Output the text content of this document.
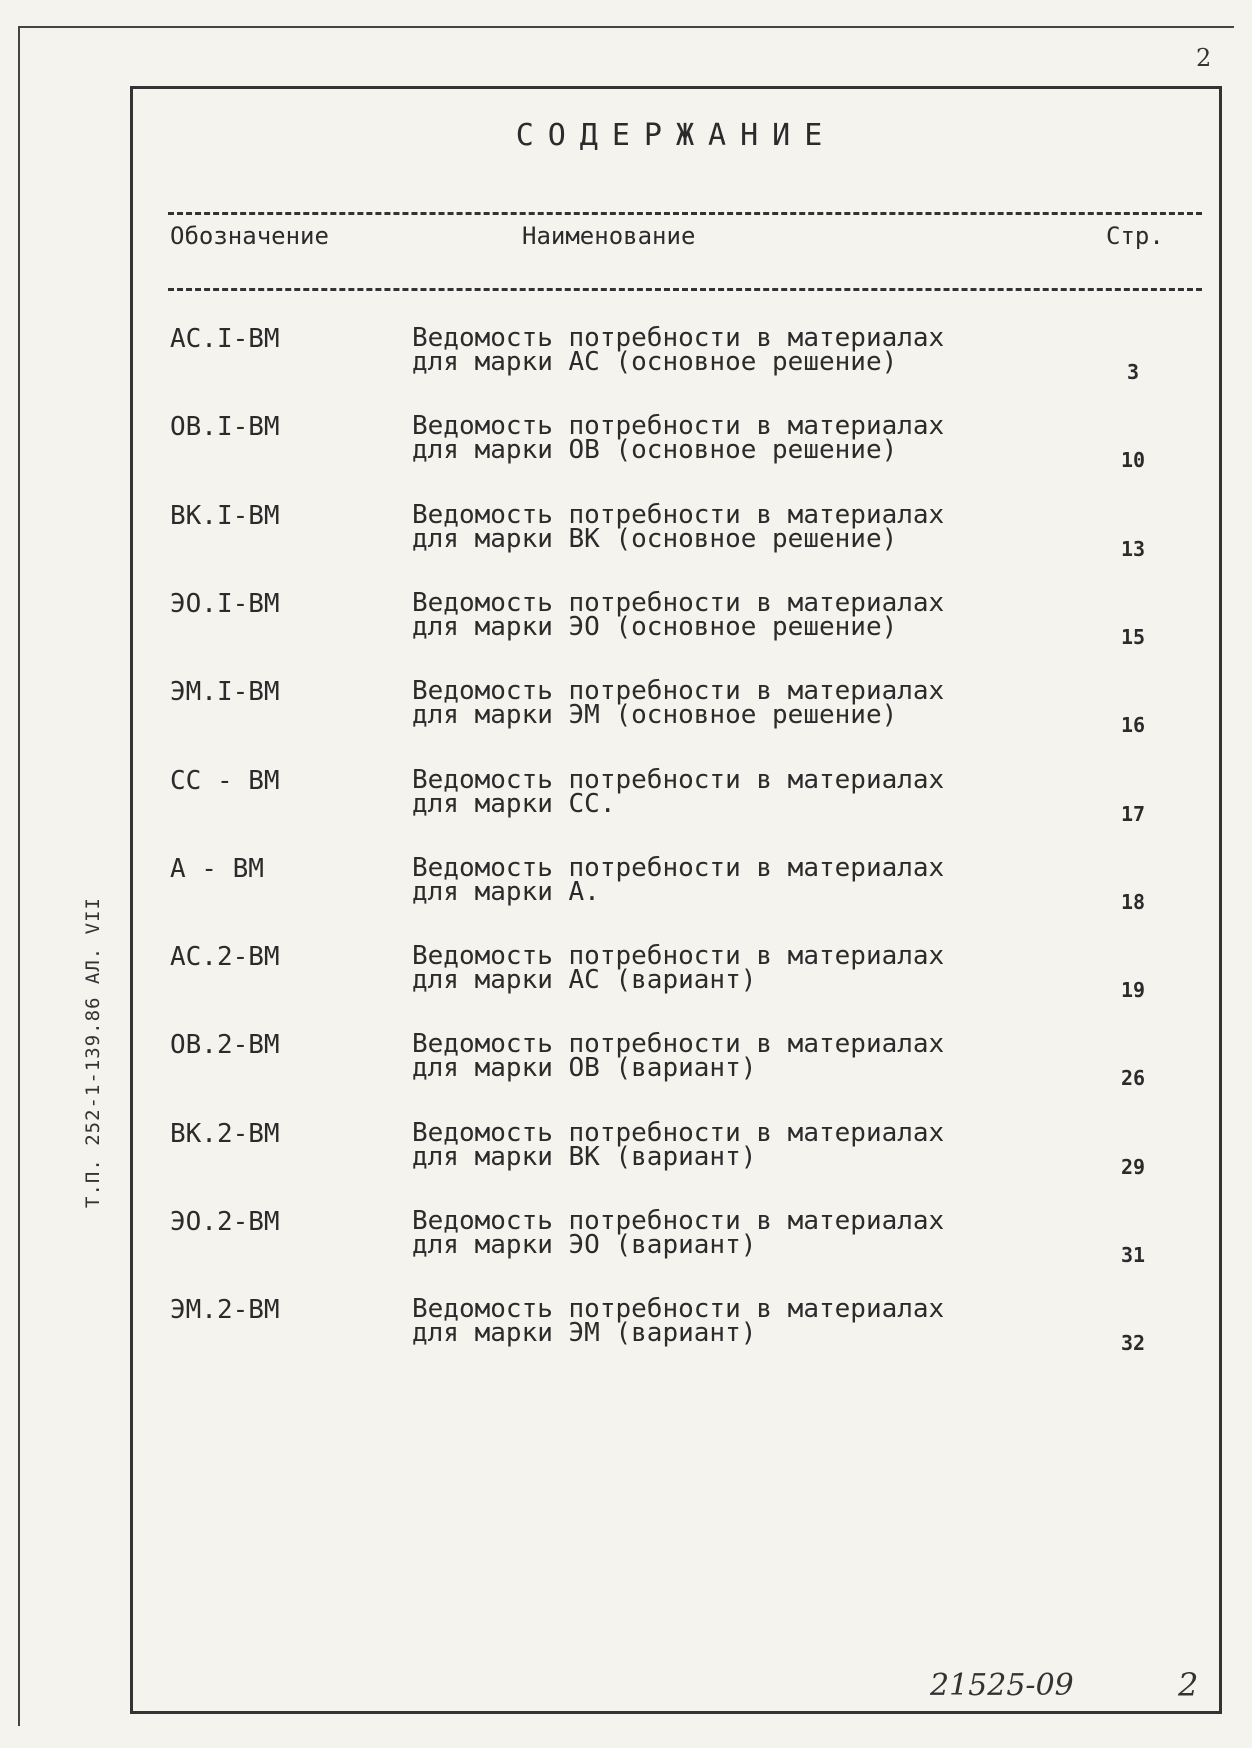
2
Т.П. 252-1-139.86 АЛ. VII
СОДЕРЖАНИЕ
Обозначение	Наименование	Стр.
АС.I-ВМ	Ведомость потребности в материалах
для марки АС (основное решение)	3
ОВ.I-ВМ	Ведомость потребности в материалах
для марки ОВ (основное решение)	10
ВК.I-ВМ	Ведомость потребности в материалах
для марки ВК (основное решение)	13
ЭО.I-ВМ	Ведомость потребности в материалах
для марки ЭО (основное решение)	15
ЭМ.I-ВМ	Ведомость потребности в материалах
для марки ЭМ (основное решение)	16
СС - ВМ	Ведомость потребности в материалах
для марки СС.	17
А - ВМ	Ведомость потребности в материалах
для марки А.	18
АС.2-ВМ	Ведомость потребности в материалах
для марки АС (вариант)	19
ОВ.2-ВМ	Ведомость потребности в материалах
для марки ОВ (вариант)	26
ВК.2-ВМ	Ведомость потребности в материалах
для марки ВК (вариант)	29
ЭО.2-ВМ	Ведомость потребности в материалах
для марки ЭО (вариант)	31
ЭМ.2-ВМ	Ведомость потребности в материалах
для марки ЭМ (вариант)	32
21525-09	2
